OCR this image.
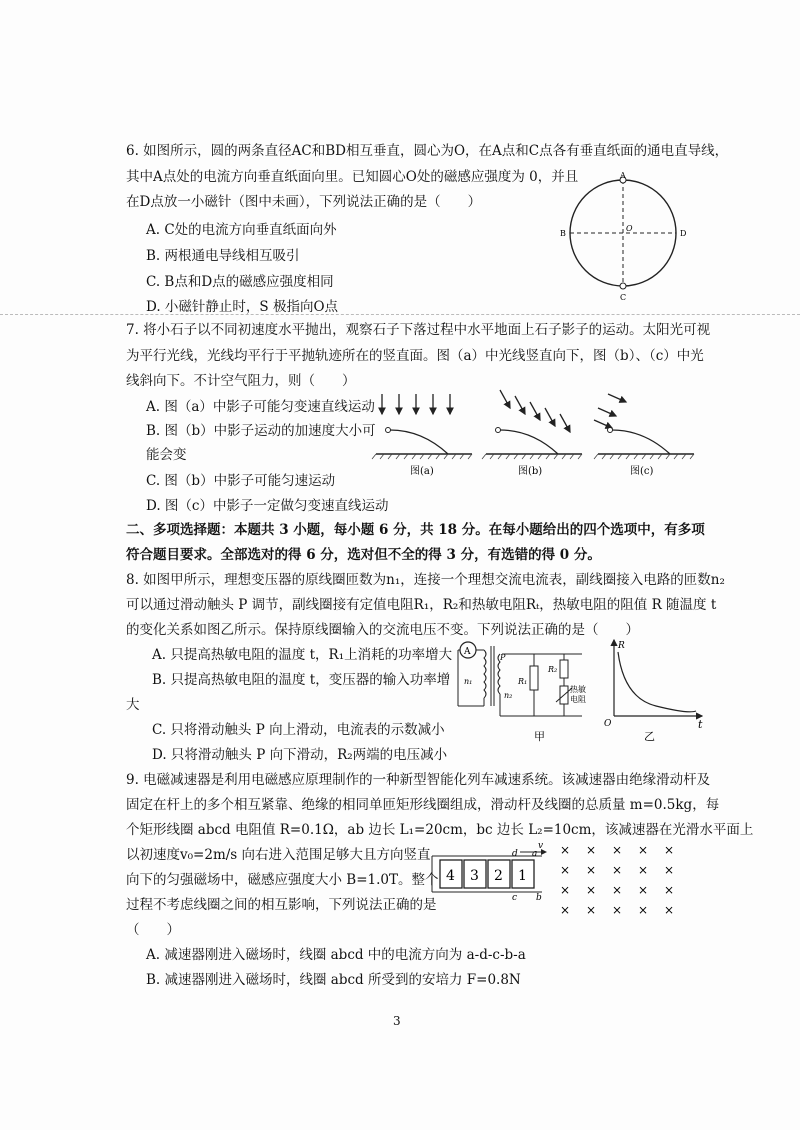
6. 如图所示，圆的两条直径AC和BD相互垂直，圆心为O，在A点和C点各有垂直纸面的通电直导线，
其中A点处的电流方向垂直纸面向里。已知圆心O处的磁感应强度为 0，并且
在D点放一小磁针（图中未画），下列说法正确的是（　　）
A. C处的电流方向垂直纸面向外
B. 两根通电导线相互吸引
C. B点和D点的磁感应强度相同
D. 小磁针静止时，S 极指向O点
A
C
B	D
O
7. 将小石子以不同初速度水平抛出，观察石子下落过程中水平地面上石子影子的运动。太阳光可视
为平行光线，光线均平行于平抛轨迹所在的竖直面。图（a）中光线竖直向下，图（b）、（c）中光
线斜向下。不计空气阻力，则（　　）
A. 图（a）中影子可能匀变速直线运动
B. 图（b）中影子运动的加速度大小可
能会变
C. 图（b）中影子可能匀速运动
D. 图（c）中影子一定做匀变速直线运动
图(a)	图(b)	图(c)
二、多项选择题：本题共 3 小题，每小题 6 分，共 18 分。在每小题给出的四个选项中，有多项
符合题目要求。全部选对的得 6 分，选对但不全的得 3 分，有选错的得 0 分。
8. 如图甲所示，理想变压器的原线圈匝数为n₁，连接一个理想交流电流表，副线圈接入电路的匝数n₂
可以通过滑动触头 P 调节，副线圈接有定值电阻R₁，R₂和热敏电阻Rₜ，热敏电阻的阻值 R 随温度 t
的变化关系如图乙所示。保持原线圈输入的交流电压不变。下列说法正确的是（　　）
A. 只提高热敏电阻的温度 t，R₁上消耗的功率增大
B. 只提高热敏电阻的温度 t，变压器的输入功率增
大
C. 只将滑动触头 P 向上滑动，电流表的示数减小
D. 只将滑动触头 P 向下滑动，R₂两端的电压减小
A
P
n₁
n₂
R₁
R₂
热敏
电阻
甲
R
t
O
乙
9. 电磁减速器是利用电磁感应原理制作的一种新型智能化列车减速系统。该减速器由绝缘滑动杆及
固定在杆上的多个相互紧靠、绝缘的相同单匝矩形线圈组成，滑动杆及线圈的总质量 m=0.5kg，每
个矩形线圈 abcd 电阻值 R=0.1Ω，ab 边长 L₁=20cm，bc 边长 L₂=10cm，该减速器在光滑水平面上
以初速度v₀=2m/s 向右进入范围足够大且方向竖直
向下的匀强磁场中，磁感应强度大小 B=1.0T。整个
过程不考虑线圈之间的相互影响，下列说法正确的是
（　　）
A. 减速器刚进入磁场时，线圈 abcd 中的电流方向为 a-d-c-b-a
B. 减速器刚进入磁场时，线圈 abcd 所受到的安培力 F=0.8N
4 3 2 1
d a
c b
v × × × × ×
× × × × ×
× × × × ×
× × × × ×
3
